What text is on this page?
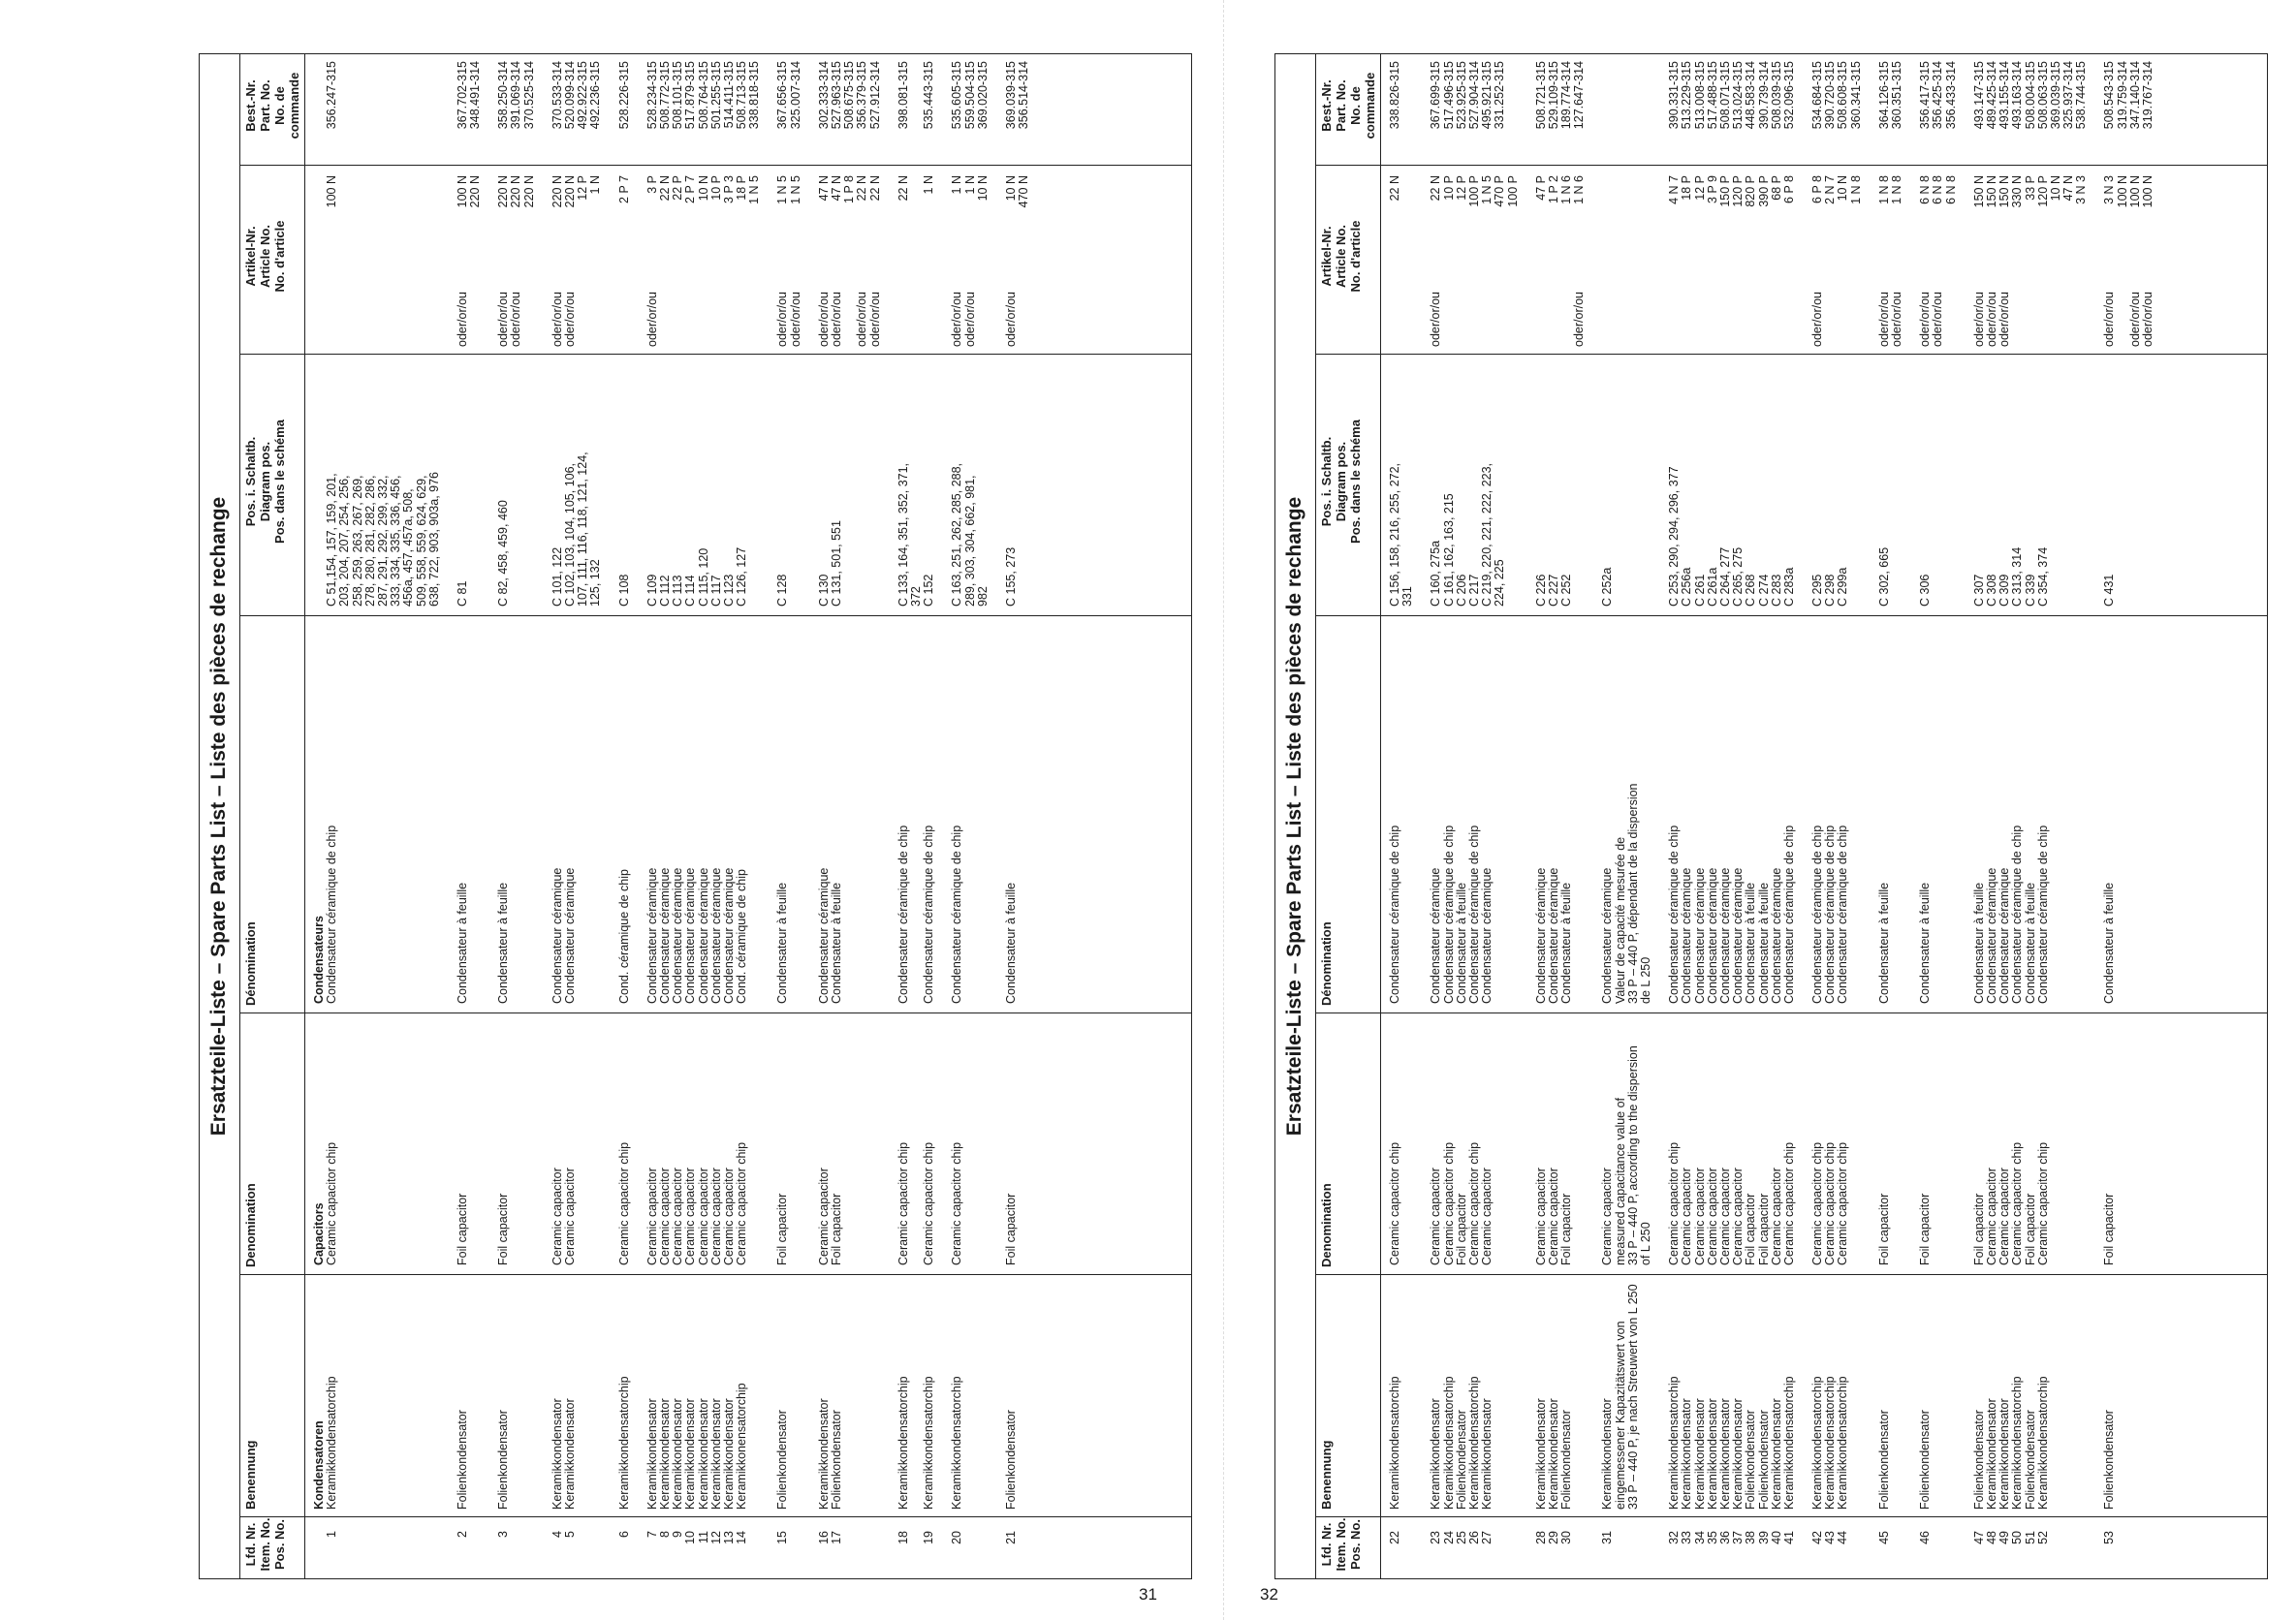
Ersatzteile-Liste – Spare Parts List – Liste des pièces de rechange
Lfd. Nr. Item. No. Pos. No.
Benennung
Denomination
Dénomination
Pos. i. Schaltb. Diagram pos. Pos. dans le schéma
Artikel-Nr. Article No. No. d'article
Best.-Nr. Part. No. No. de commande
Kondensatoren
Capacitors
Condensateurs
1
Keramikkondensatorchip
Ceramic capacitor chip
Condensateur céramique de chip
C 51,154, 157, 159, 201,
100 N
356.247-315
203, 204, 207, 254, 256, 258, 259, 263, 267, 269, 278, 280, 281, 282, 286, 287, 291, 292, 299, 332, 333, 334, 335, 336, 456, 456a, 457, 457a, 508, 509, 558, 559, 624, 629, 638, 722, 903, 903a, 976
2
Folienkondensator
Foil capacitor
Condensateur à feuille
C 81
oder/or/ou
100 N
367.702-315
220 N
348.491-314
3
Folienkondensator
Foil capacitor
Condensateur à feuille
C 82, 458, 459, 460
oder/or/ou
220 N
358.250-314
oder/or/ou
220 N
391.069-314
220 N
370.525-314
4
Keramikkondensator
Ceramic capacitor
Condensateur céramique
C 101, 122
oder/or/ou
220 N
370.533-314
5
Keramikkondensator
Ceramic capacitor
Condensateur céramique
C 102, 103, 104, 105, 106,
oder/or/ou
220 N
520.099-314
107, 111, 116, 118, 121, 124,
12 P
492.922-315
125, 132
1 N
492.236-315
6
Keramikkondensatorchip
Ceramic capacitor chip
Cond. céramique de chip
C 108
2 P 7
528.226-315
7
Keramikkondensator
Ceramic capacitor
Condensateur céramique
C 109
oder/or/ou
3 P
528.234-315
8
Keramikkondensator
Ceramic capacitor
Condensateur céramique
C 112
22 N
508.772-315
9
Keramikkondensator
Ceramic capacitor
Condensateur céramique
C 113
22 P
508.101-315
10
Keramikkondensator
Ceramic capacitor
Condensateur céramique
C 114
2 P 7
517.879-315
11
Keramikkondensator
Ceramic capacitor
Condensateur céramique
C 115, 120
10 N
508.764-315
12
Keramikkondensator
Ceramic capacitor
Condensateur céramique
C 117
10 P
501.255-315
13
Keramikkondensator
Ceramic capacitor
Condensateur céramique
C 123
3 P 3
514.411-315
14
Keramikkonensatorchip
Ceramic capacitor chip
Cond. céramique de chip
C 126, 127
18 P
508.713-315
1 N 5
338.818-315
15
Folienkondensator
Foil capacitor
Condensateur à feuille
C 128
oder/or/ou
1 N 5
367.656-315
oder/or/ou
1 N 5
325.007-314
16
Keramikkondensator
Ceramic capacitor
Condensateur céramique
C 130
oder/or/ou
47 N
302.333-314
17
Folienkondensator
Foil capacitor
Condensateur à feuille
C 131, 501, 551
oder/or/ou
47 N
527.963-315
1 P 8
508.675-315
oder/or/ou
22 N
356.379-315
oder/or/ou
22 N
527.912-314
18
Keramikkondensatorchip
Ceramic capacitor chip
Condensateur céramique de chip
C 133, 164, 351, 352, 371,
22 N
398.081-315
372
19
Keramikkondensatorchip
Ceramic capacitor chip
Condensateur céramique de chip
C 152
1 N
535.443-315
20
Keramikkondensatorchip
Ceramic capacitor chip
Condensateur céramique de chip
C 163, 251, 262, 285, 288,
oder/or/ou
1 N
535.605-315
289, 303, 304, 662, 981,
oder/or/ou
1 N
559.504-315
982
10 N
369.020-315
21
Folienkondensator
Foil capacitor
Condensateur à feuille
C 155, 273
oder/or/ou
10 N
369.039-315
470 N
356.514-314
31
Ersatzteile-Liste – Spare Parts List – Liste des pièces de rechange
Lfd. Nr. Item. No. Pos. No.
Benennung
Denomination
Dénomination
Pos. i. Schaltb. Diagram pos. Pos. dans le schéma
Artikel-Nr. Article No. No. d'article
Best.-Nr. Part. No. No. de commande
22
Keramikkondensatorchip
Ceramic capacitor chip
Condensateur céramique de chip
C 156, 158, 216, 255, 272,
22 N
338.826-315
331
23
Keramikkondensator
Ceramic capacitor
Condensateur céramique
C 160, 275a
oder/or/ou
22 N
367.699-315
24
Keramikkondensatorchip
Ceramic capacitor chip
Condensateur céramique de chip
C 161, 162, 163, 215
10 P
517.496-315
25
Folienkondensator
Foil capacitor
Condensateur à feuille
C 206
12 P
523.925-315
26
Keramikkondensatorchip
Ceramic capacitor chip
Condensateur céramique de chip
C 217
100 P
527.904-314
27
Keramikkondensator
Ceramic capacitor
Condensateur céramique
C 219, 220, 221, 222, 223,
1 N 5
495.921-315
224, 225
470 P
331.252-315
100 P
28
Keramikkondensator
Ceramic capacitor
Condensateur céramique
C 226
47 P
508.721-315
29
Keramikkondensator
Ceramic capacitor
Condensateur céramique
C 227
1 P 2
529.109-315
30
Folienkondensator
Foil capacitor
Condensateur à feuille
C 252
1 N 6
189.774-314
oder/or/ou
1 N 6
127.647-314
31
Keramikkondensator
Ceramic capacitor
Condensateur céramique
C 252a
eingemessener Kapazitätswert von
measured capacitance value of
Valeur de capacité mesurée de
33 P – 440 P, je nach Streuwert von L 250
33 P – 440 P, according to the dispersion
33 P – 440 P, dépendant de la dispersion
of L 250
de L 250
32
Keramikkondensatorchip
Ceramic capacitor chip
Condensateur céramique de chip
C 253, 290, 294, 296, 377
4 N 7
390.331-315
33
Keramikkondensator
Ceramic capacitor
Condensateur céramique
C 256a
18 P
513.229-315
34
Keramikkondensator
Ceramic capacitor
Condensateur céramique
C 261
12 P
513.008-315
35
Keramikkondensator
Ceramic capacitor
Condensateur céramique
C 261a
3 P 9
517.488-315
36
Keramikkondensator
Ceramic capacitor
Condensateur céramique
C 264, 277
150 P
508.071-315
37
Keramikkondensator
Ceramic capacitor
Condensateur céramique
C 265, 275
120 P
513.024-315
38
Folienkondensator
Foil capacitor
Condensateur à feuille
C 268
820 P
448.583-314
39
Folienkondensator
Foil capacitor
Condensateur à feuille
C 274
390 P
390.739-314
40
Keramikkondensator
Ceramic capacitor
Condensateur céramique
C 283
68 P
508.039-315
41
Keramikkondensatorchip
Ceramic capacitor chip
Condensateur céramique de chip
C 283a
6 P 8
532.096-315
42
Keramikkondensatorchip
Ceramic capacitor chip
Condensateur céramique de chip
C 295
oder/or/ou
6 P 8
534.684-315
43
Keramikkondensatorchip
Ceramic capacitor chip
Condensateur céramique de chip
C 298
2 N 7
390.720-315
44
Keramikkondensatorchip
Ceramic capacitor chip
Condensateur céramique de chip
C 299a
10 N
508.608-315
1 N 8
360.341-315
45
Folienkondensator
Foil capacitor
Condensateur à feuille
C 302, 665
oder/or/ou
1 N 8
364.126-315
oder/or/ou
1 N 8
360.351-315
46
Folienkondensator
Foil capacitor
Condensateur à feuille
C 306
oder/or/ou
6 N 8
356.417-315
oder/or/ou
6 N 8
356.425-314
6 N 8
356.433-314
47
Folienkondensator
Foil capacitor
Condensateur à feuille
C 307
oder/or/ou
150 N
493.147-315
48
Keramikkondensator
Ceramic capacitor
Condensateur céramique
C 308
oder/or/ou
150 N
489.425-314
49
Keramikkondensator
Ceramic capacitor
Condensateur céramique
C 309
oder/or/ou
150 N
493.155-314
50
Keramikkondensatorchip
Ceramic capacitor chip
Condensateur céramique de chip
C 313, 314
330 N
493.163-314
51
Folienkondensator
Foil capacitor
Condensateur à feuille
C 339
33 P
508.004-315
52
Keramikkondensatorchip
Ceramic capacitor chip
Condensateur céramique de chip
C 354, 374
120 P
508.063-315
10 N
369.039-315
47 N
325.937-314
3 N 3
538.744-315
53
Folienkondensator
Foil capacitor
Condensateur à feuille
C 431
oder/or/ou
3 N 3
508.543-315
100 N
319.759-314
oder/or/ou
100 N
347.140-314
oder/or/ou
100 N
319.767-314
32
